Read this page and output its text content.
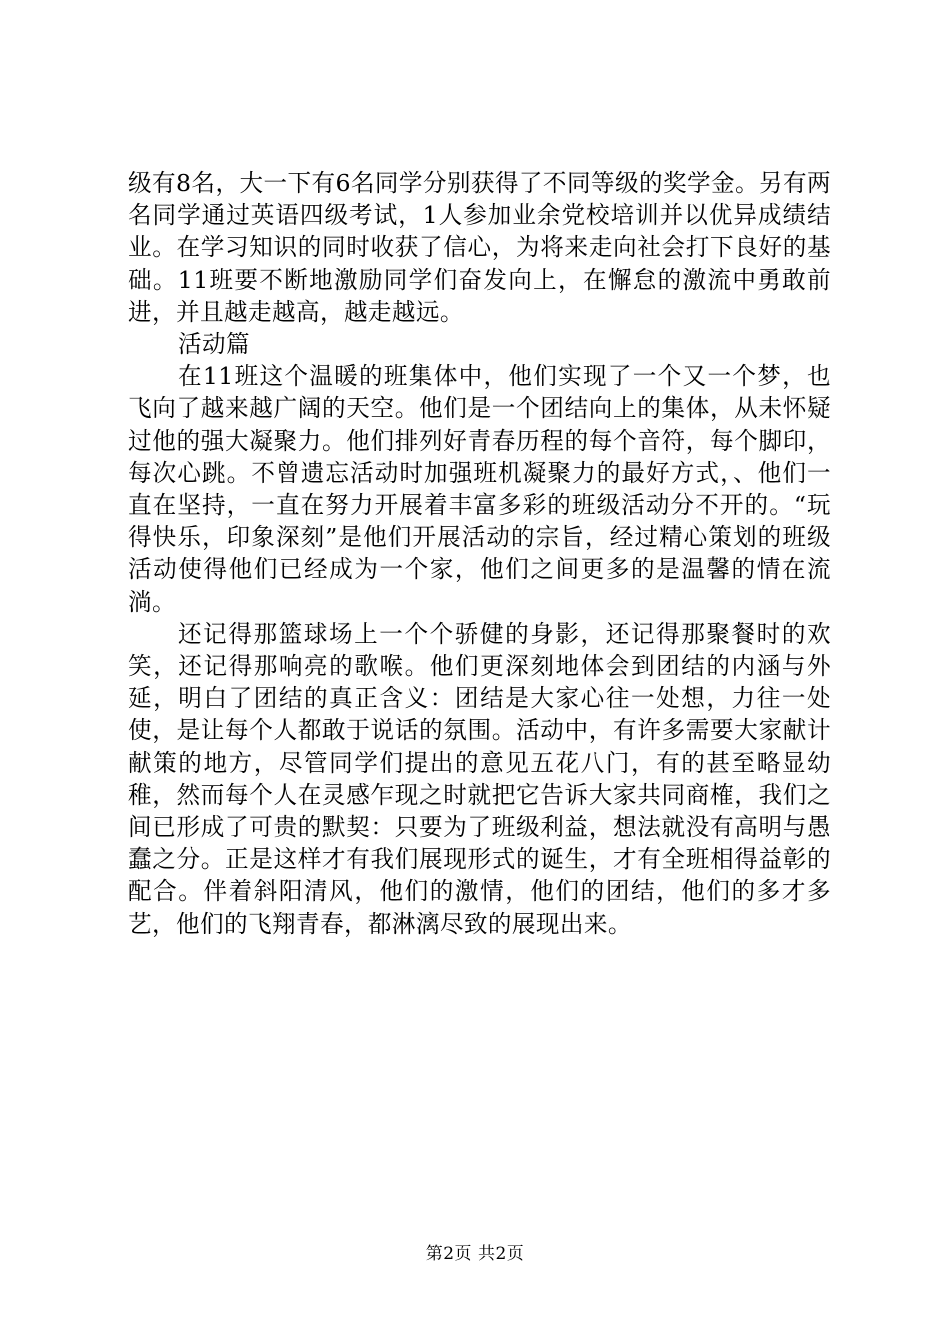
级有8名，大一下有6名同学分别获得了不同等级的奖学金。另有两名同学通过英语四级考试，1人参加业余党校培训并以优异成绩结业。在学习知识的同时收获了信心，为将来走向社会打下良好的基础。11班要不断地激励同学们奋发向上，在懈怠的激流中勇敢前进，并且越走越高，越走越远。

活动篇

在11班这个温暖的班集体中，他们实现了一个又一个梦，也飞向了越来越广阔的天空。他们是一个团结向上的集体，从未怀疑过他的强大凝聚力。他们排列好青春历程的每个音符，每个脚印，每次心跳。不曾遗忘活动时加强班机凝聚力的最好方式，、他们一直在坚持，一直在努力开展着丰富多彩的班级活动分不开的。“玩得快乐，印象深刻”是他们开展活动的宗旨，经过精心策划的班级活动使得他们已经成为一个家，他们之间更多的是温馨的情在流淌。

还记得那篮球场上一个个骄健的身影，还记得那聚餐时的欢笑，还记得那响亮的歌喉。他们更深刻地体会到团结的内涵与外延，明白了团结的真正含义：团结是大家心往一处想，力往一处使，是让每个人都敢于说话的氛围。活动中，有许多需要大家献计献策的地方，尽管同学们提出的意见五花八门，有的甚至略显幼稚，然而每个人在灵感乍现之时就把它告诉大家共同商榷，我们之间已形成了可贵的默契：只要为了班级利益，想法就没有高明与愚蠢之分。正是这样才有我们展现形式的诞生，才有全班相得益彰的配合。伴着斜阳清风，他们的激情，他们的团结，他们的多才多艺，他们的飞翔青春，都淋漓尽致的展现出来。

第2页 共2页
